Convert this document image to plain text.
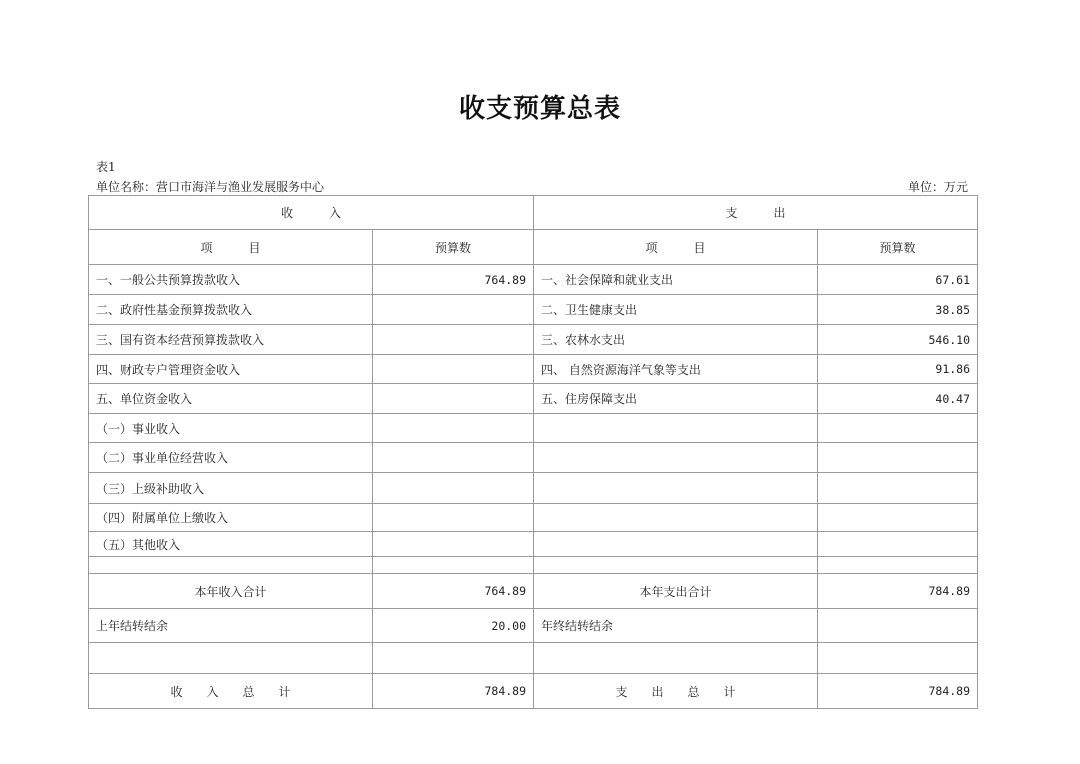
收支预算总表
表1
单位名称：营口市海洋与渔业发展服务中心	单位：万元
收　　　入		支　　　出	
项　　　目	预算数	项　　　目	预算数
一、一般公共预算拨款收入	764.89	一、社会保障和就业支出	67.61
二、政府性基金预算拨款收入		二、卫生健康支出	38.85
三、国有资本经营预算拨款收入		三、农林水支出	546.10
四、财政专户管理资金收入		四、 自然资源海洋气象等支出	91.86
五、单位资金收入		五、住房保障支出	40.47
（一）事业收入			
（二）事业单位经营收入			
（三）上级补助收入			
（四）附属单位上缴收入			
（五）其他收入			

本年收入合计	764.89	本年支出合计	784.89
上年结转结余	20.00	年终结转结余	

收　　入　　总　　计	784.89	支　　出　　总　　计	784.89
